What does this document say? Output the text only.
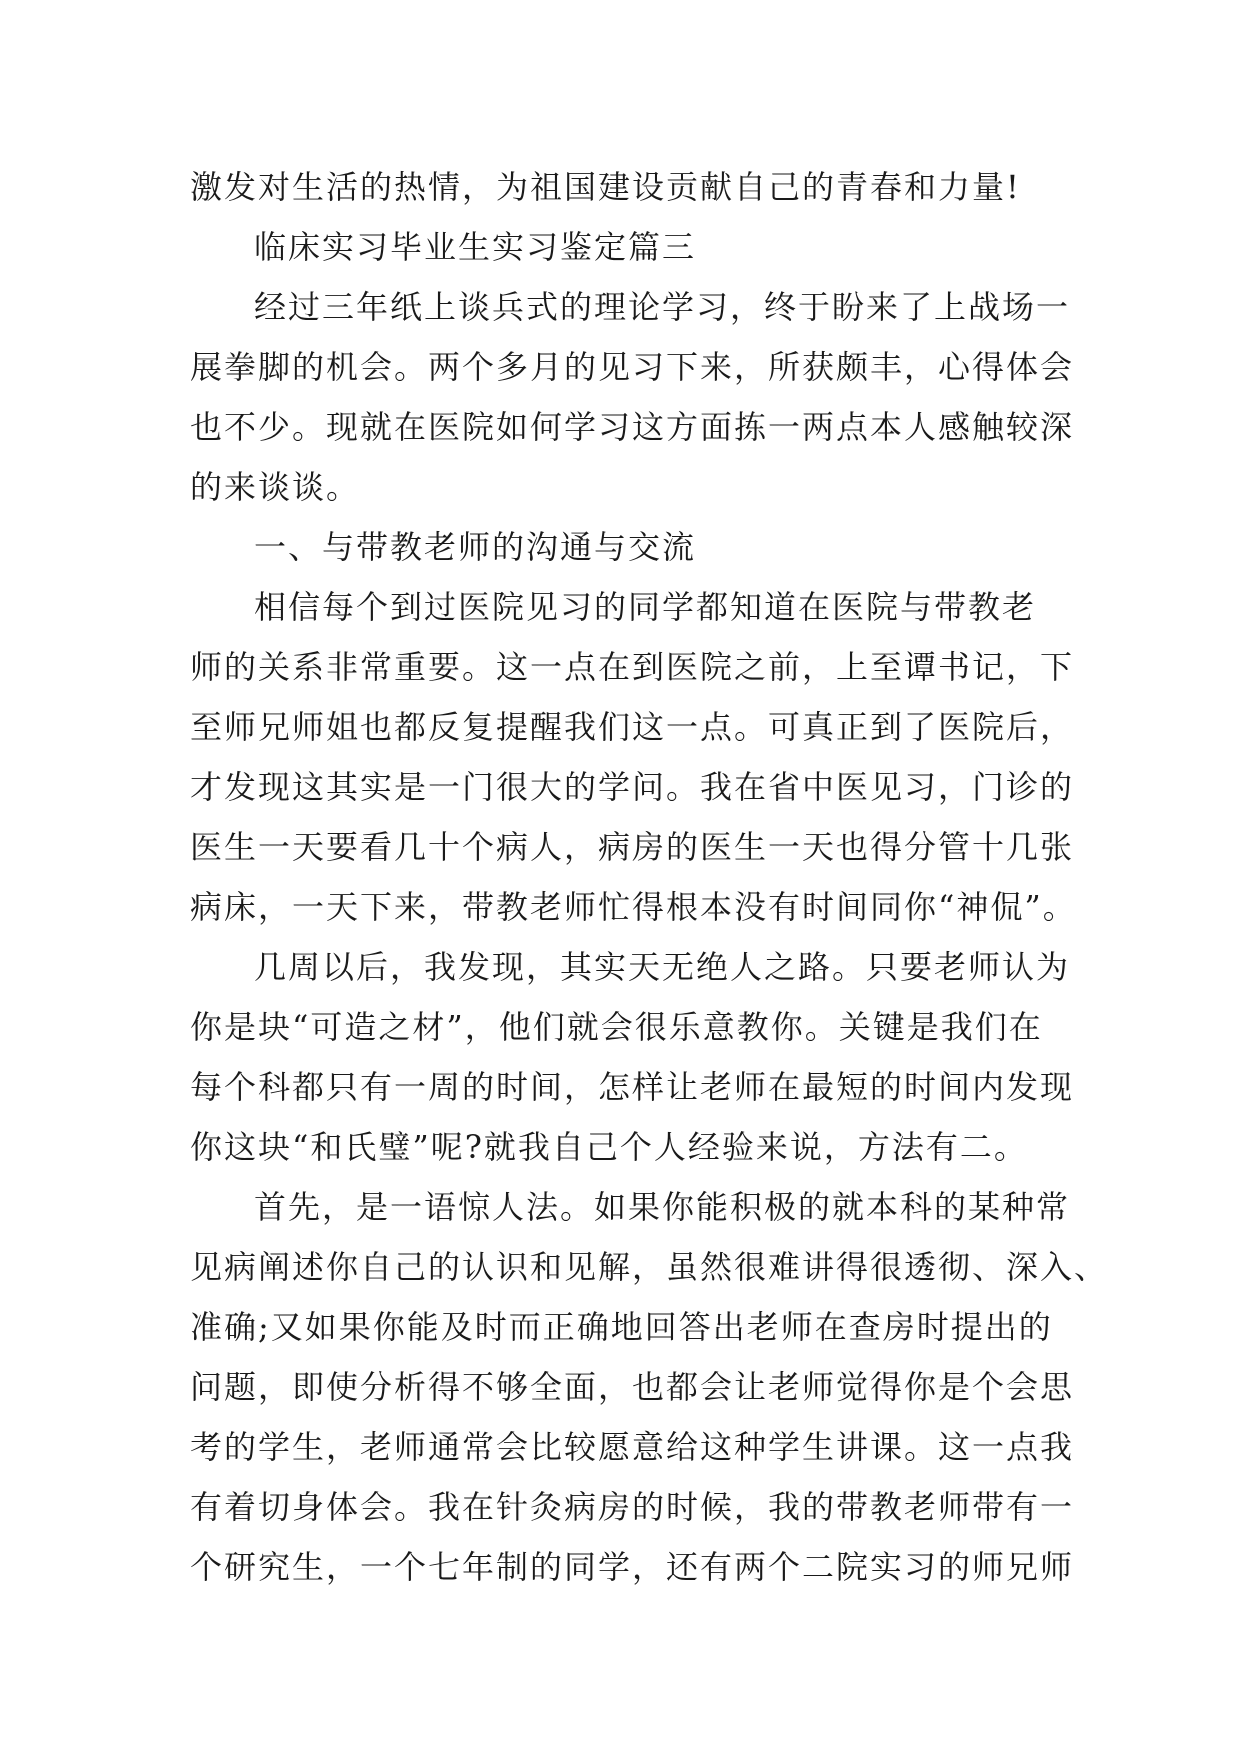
激发对生活的热情，为祖国建设贡献自己的青春和力量!
临床实习毕业生实习鉴定篇三
经过三年纸上谈兵式的理论学习，终于盼来了上战场一
展拳脚的机会。两个多月的见习下来，所获颇丰，心得体会
也不少。现就在医院如何学习这方面拣一两点本人感触较深
的来谈谈。
一、与带教老师的沟通与交流
相信每个到过医院见习的同学都知道在医院与带教老
师的关系非常重要。这一点在到医院之前，上至谭书记，下
至师兄师姐也都反复提醒我们这一点。可真正到了医院后，
才发现这其实是一门很大的学问。我在省中医见习，门诊的
医生一天要看几十个病人，病房的医生一天也得分管十几张
病床，一天下来，带教老师忙得根本没有时间同你“神侃”。
几周以后，我发现，其实天无绝人之路。只要老师认为
你是块“可造之材”，他们就会很乐意教你。关键是我们在
每个科都只有一周的时间，怎样让老师在最短的时间内发现
你这块“和氏璧”呢?就我自己个人经验来说，方法有二。
首先，是一语惊人法。如果你能积极的就本科的某种常
见病阐述你自己的认识和见解，虽然很难讲得很透彻、深入、
准确;又如果你能及时而正确地回答出老师在查房时提出的
问题，即使分析得不够全面，也都会让老师觉得你是个会思
考的学生，老师通常会比较愿意给这种学生讲课。这一点我
有着切身体会。我在针灸病房的时候，我的带教老师带有一
个研究生，一个七年制的同学，还有两个二院实习的师兄师
